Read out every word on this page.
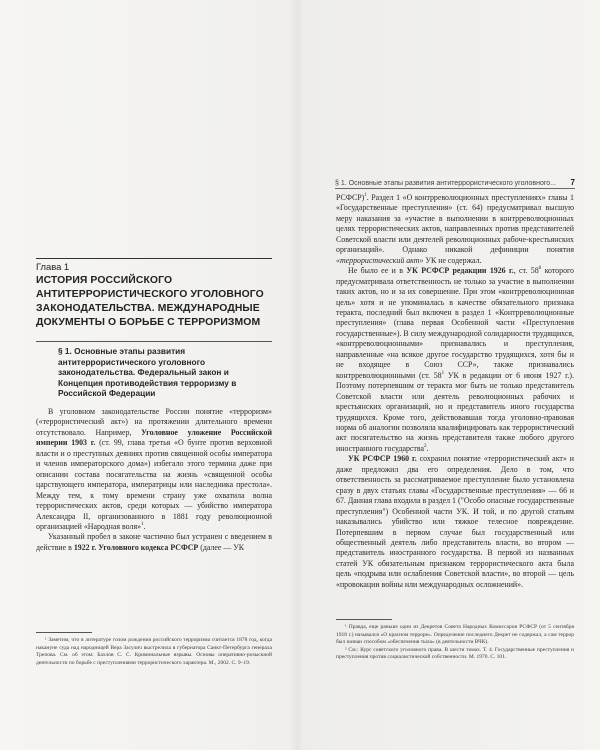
Глава 1
ИСТОРИЯ РОССИЙСКОГО АНТИТЕРРОРИСТИЧЕСКОГО УГОЛОВНОГО ЗАКОНОДАТЕЛЬСТВА. МЕЖДУНАРОДНЫЕ ДОКУМЕНТЫ О БОРЬБЕ С ТЕРРОРИЗМОМ
§ 1. Основные этапы развития антитеррористического уголовного законодательства. Федеральный закон и Концепция противодействия терроризму в Российской Федерации

В уголовном законодательстве России понятие «терроризм» («террористический акт») на протяжении длительного времени отсутствовало. Например, Уголовное уложение Российской империи 1903 г. (ст. 99, глава третья «О бунте против верховной власти и о преступных деяниях против священной особы императора и членов императорского дома») избегало этого термина даже при описании состава посягательства на жизнь «священной особы царствующего императора, императрицы или наследника престола». Между тем, к тому времени страну уже охватила волна террористических актов, среди которых — убийство императора Александра II, организованного в 1881 году революционной организацией «Народная воля»$^1$.

Указанный пробел в законе частично был устранен с введением в действие в 1922 г. Уголовного кодекса РСФСР (далее — УК

¹ Заметим, что в литературе голом рождения российского терроризма считается 1878 год, когда накануне суда над народницей Вера Засулич выстрелила в губернатора Санкт-Петербурга генерала Трепова. См. об этом: Бахлов С. С. Криминальные взрывы. Основы оперативно-розыскной деятельности по борьбе с преступлениями террористического характера. М., 2002. С. 9–19.

§ 1. Основные этапы развития антитеррористического уголовного... 7

РСФСР)$^1$. Раздел 1 «О контрреволюционных преступлениях» главы 1 «Государственные преступления» (ст. 64) предусматривал высшую меру наказания за «участие в выполнении в контрреволюционных целях террористических актов, направленных против представителей Советской власти или деятелей революционных рабоче-крестьянских организаций». Однако никакой дефиниции понятия «террористический акт» УК не содержал.

Не было ее и в УК РСФСР редакции 1926 г., ст. $58^8$ которого предусматривала ответственность не только за участие в выполнении таких актов, но и за их совершение. При этом «контрреволюционная цель» хотя и не упоминалась в качестве обязательного признака теракта, последний был включен в раздел 1 «Контрреволюционные преступления» (глава первая Особенной части «Преступления государственные»). В силу международной солидарности трудящихся, «контрреволюционными» признавались и преступления, направленные «на всякое другое государство трудящихся, хотя бы и не входящее в Союз ССР», также признавались контрреволюционными (ст. $58^1$ УК в редакции от 6 июня 1927 г.). Поэтому потерпевшим от теракта мог быть не только представитель Советской власти или деятель революционных рабочих и крестьянских организаций, но и представитель иного государства трудящихся. Кроме того, действовавшая тогда уголовно-правовая норма об аналогии позволяла квалифицировать как террористический акт посягательство на жизнь представителя также любого другого иностранного государства$^2$.

УК РСФСР 1960 г. сохранил понятие «террористический акт» и даже предложил два его определения. Дело в том, что ответственность за рассматриваемое преступление было установлена сразу в двух статьях главы «Государственные преступления» — 66 и 67. Данная глава входила в раздел 1 ("Особо опасные государственные преступления") Особенной части УК. И той, и по другой статьям наказывались убийство или тяжкое телесное повреждение. Потерпевшим в первом случае был государственный или общественный деятель либо представитель власти, во втором — представитель иностранного государства. В первой из названных статей УК обязательным признаком террористического акта была цель «подрыва или ослабления Советской власти», во второй — цель «провокации войны или международных осложнений».

¹ Правда, еще раньше один из Декретов Совета Народных Комиссаров РСФСР (от 5 сентября 1918 г.) назывался «О красном терроре». Определение последнего Декрет не содержал, а сам террор был назван способом «обеспечения тыла» (в деятельности ВЧК).

² См.: Курс советского уголовного права. В шести томах. Т. 4. Государственные преступления и преступления против социалистической собственности. М. 1970. С. 101.
